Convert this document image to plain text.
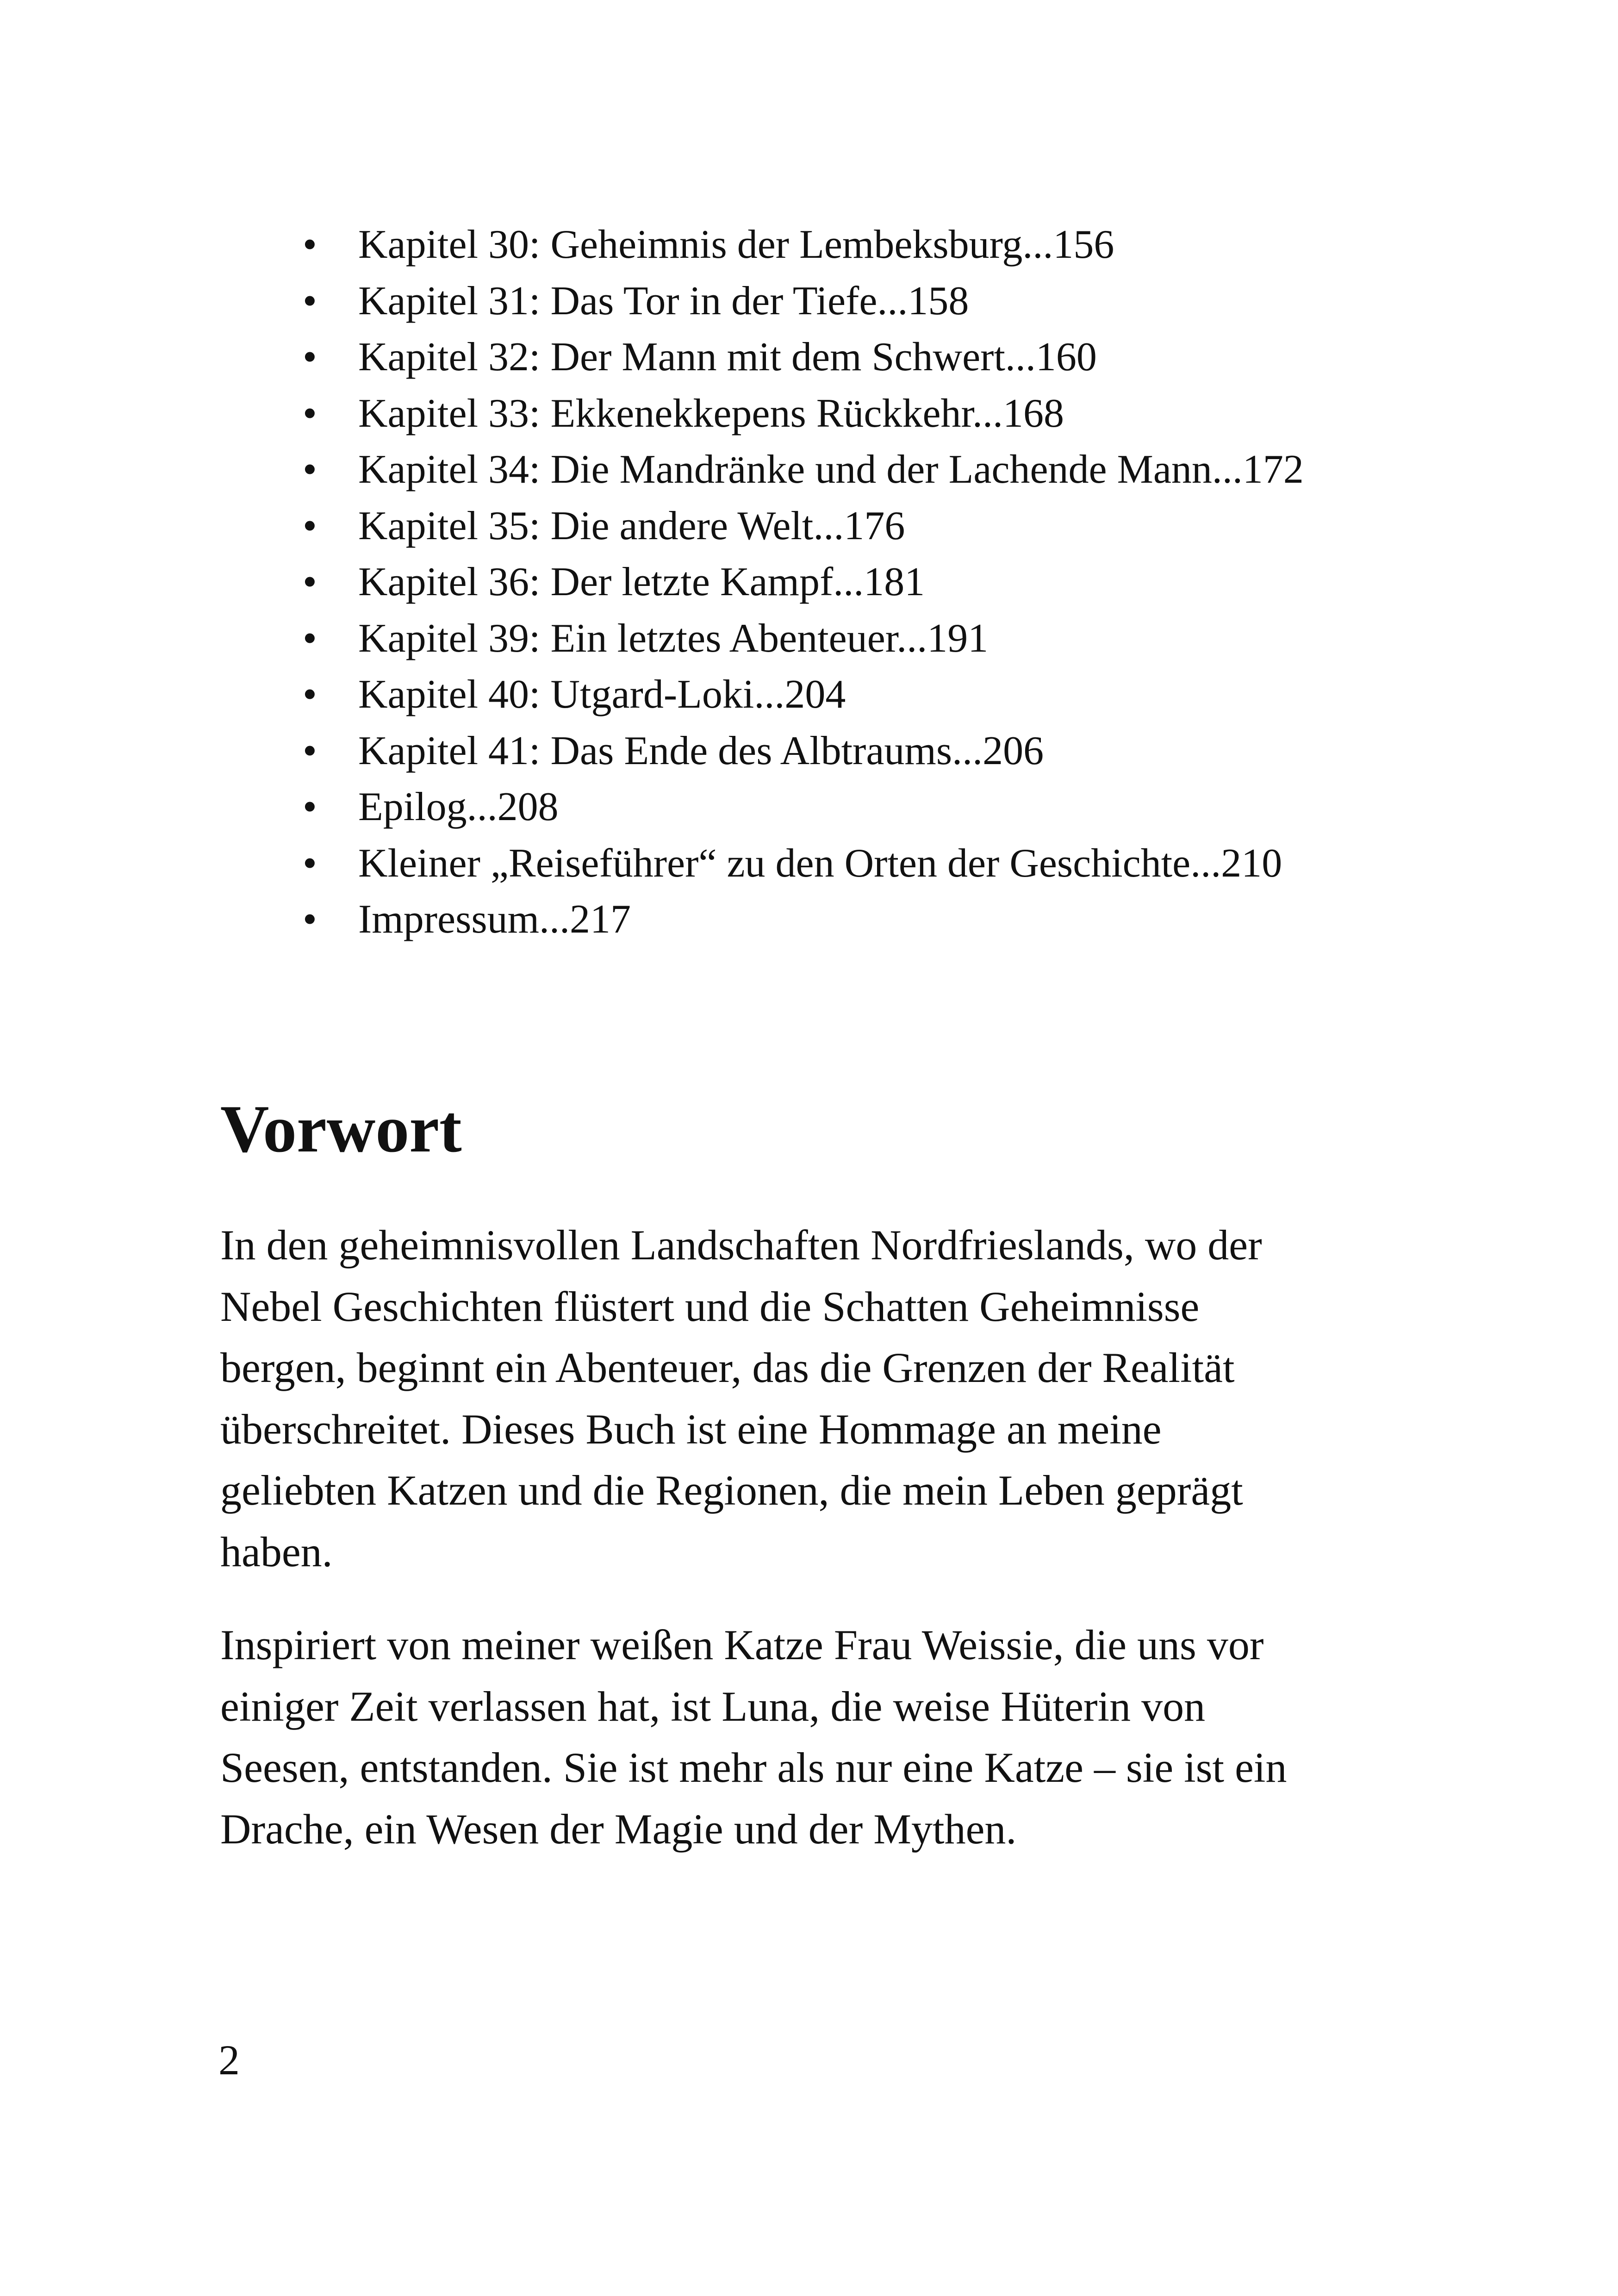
• Kapitel 30: Geheimnis der Lembeksburg...156
• Kapitel 31: Das Tor in der Tiefe...158
• Kapitel 32: Der Mann mit dem Schwert...160
• Kapitel 33: Ekkenekkepens Rückkehr...168
• Kapitel 34: Die Mandränke und der Lachende Mann...172
• Kapitel 35: Die andere Welt...176
• Kapitel 36: Der letzte Kampf...181
• Kapitel 39: Ein letztes Abenteuer...191
• Kapitel 40: Utgard-Loki...204
• Kapitel 41: Das Ende des Albtraums...206
• Epilog...208
• Kleiner „Reiseführer“ zu den Orten der Geschichte...210
• Impressum...217
Vorwort

In den geheimnisvollen Landschaften Nordfrieslands, wo der
Nebel Geschichten flüstert und die Schatten Geheimnisse
bergen, beginnt ein Abenteuer, das die Grenzen der Realität
überschreitet. Dieses Buch ist eine Hommage an meine
geliebten Katzen und die Regionen, die mein Leben geprägt
haben.

Inspiriert von meiner weißen Katze Frau Weissie, die uns vor
einiger Zeit verlassen hat, ist Luna, die weise Hüterin von
Seesen, entstanden. Sie ist mehr als nur eine Katze – sie ist ein
Drache, ein Wesen der Magie und der Mythen.

2
